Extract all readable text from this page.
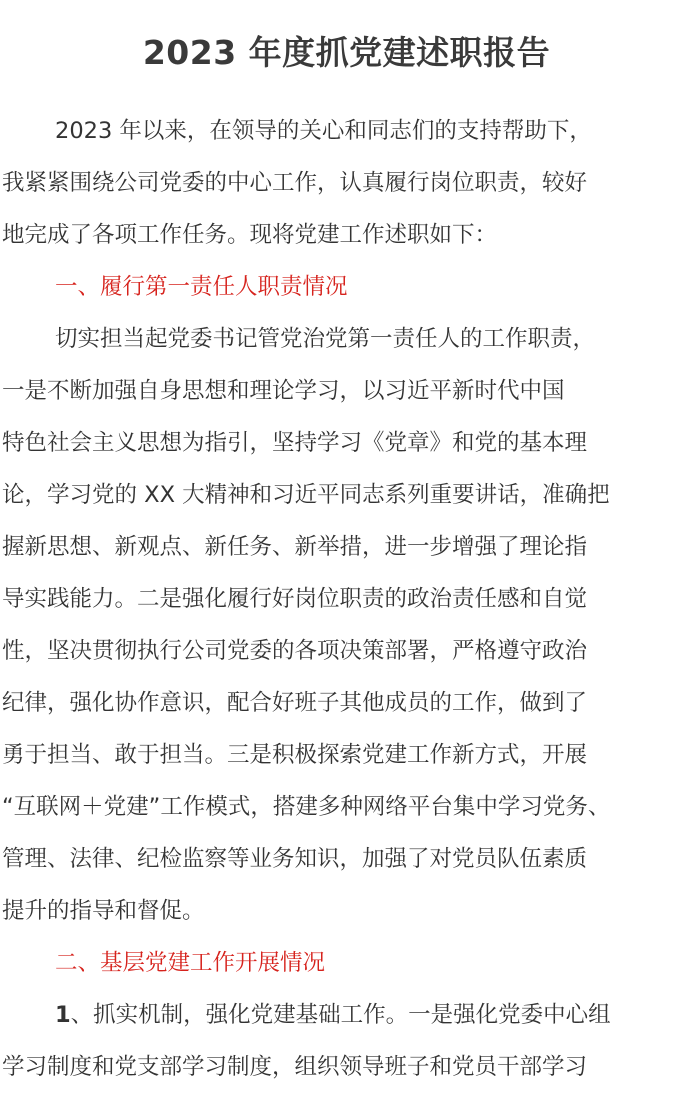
2023 年度抓党建述职报告
2023 年以来，在领导的关心和同志们的支持帮助下，
我紧紧围绕公司党委的中心工作，认真履行岗位职责，较好
地完成了各项工作任务。现将党建工作述职如下：
一、履行第一责任人职责情况
切实担当起党委书记管党治党第一责任人的工作职责，
一是不断加强自身思想和理论学习，以习近平新时代中国
特色社会主义思想为指引，坚持学习《党章》和党的基本理
论，学习党的 XX 大精神和习近平同志系列重要讲话，准确把
握新思想、新观点、新任务、新举措，进一步增强了理论指
导实践能力。二是强化履行好岗位职责的政治责任感和自觉
性，坚决贯彻执行公司党委的各项决策部署，严格遵守政治
纪律，强化协作意识，配合好班子其他成员的工作，做到了
勇于担当、敢于担当。三是积极探索党建工作新方式，开展
“互联网＋党建”工作模式，搭建多种网络平台集中学习党务、
管理、法律、纪检监察等业务知识，加强了对党员队伍素质
提升的指导和督促。
二、基层党建工作开展情况
1、抓实机制，强化党建基础工作。一是强化党委中心组
学习制度和党支部学习制度，组织领导班子和党员干部学习
